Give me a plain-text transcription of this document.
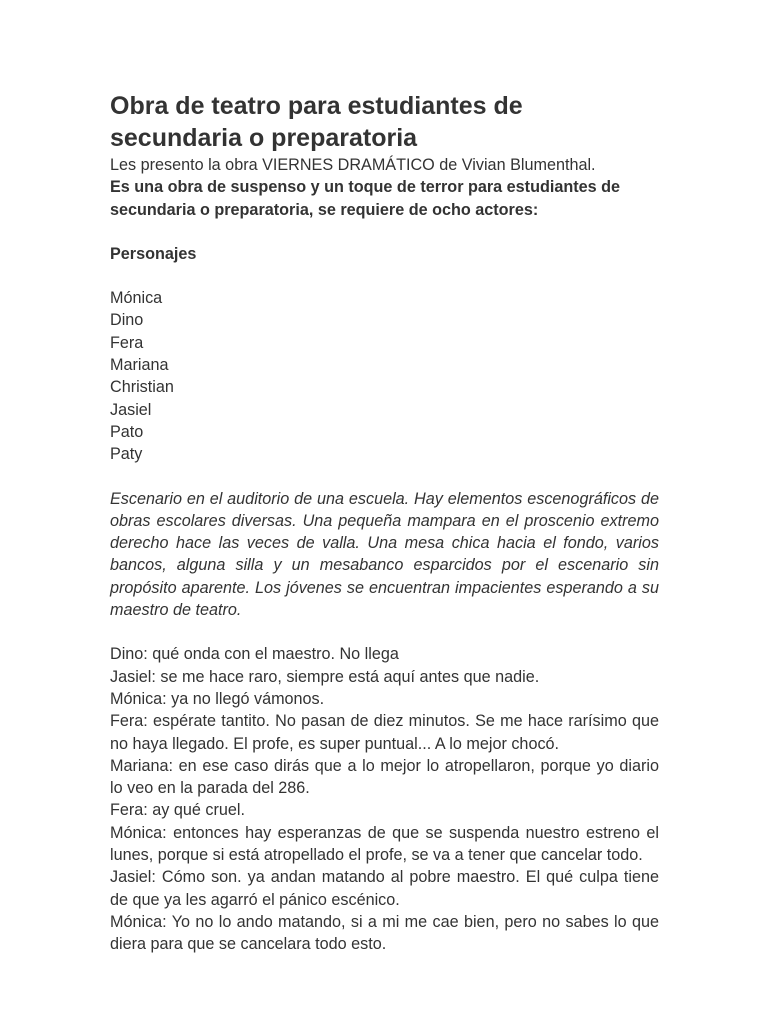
Obra de teatro para estudiantes de secundaria o preparatoria

Les presento la obra VIERNES DRAMÁTICO de Vivian Blumenthal.

Es una obra de suspenso y un toque de terror para estudiantes de secundaria o preparatoria, se requiere de ocho actores:

Personajes

Mónica
Dino
Fera
Mariana
Christian
Jasiel
Pato
Paty

Escenario en el auditorio de una escuela. Hay elementos escenográficos de obras escolares diversas. Una pequeña mampara en el proscenio extremo derecho hace las veces de valla. Una mesa chica hacia el fondo, varios bancos, alguna silla y un mesabanco esparcidos por el escenario sin propósito aparente. Los jóvenes se encuentran impacientes esperando a su maestro de teatro.

Dino: qué onda con el maestro. No llega

Jasiel: se me hace raro, siempre está aquí antes que nadie.

Mónica: ya no llegó vámonos.

Fera: espérate tantito. No pasan de diez minutos. Se me hace rarísimo que no haya llegado. El profe, es super puntual... A lo mejor chocó.

Mariana: en ese caso dirás que a lo mejor lo atropellaron, porque yo diario lo veo en la parada del 286.

Fera: ay qué cruel.

Mónica: entonces hay esperanzas de que se suspenda nuestro estreno el lunes, porque si está atropellado el profe, se va a tener que cancelar todo.

Jasiel: Cómo son. ya andan matando al pobre maestro. El qué culpa tiene de que ya les agarró el pánico escénico.

Mónica: Yo no lo ando matando, si a mi me cae bien, pero no sabes lo que diera para que se cancelara todo esto.
